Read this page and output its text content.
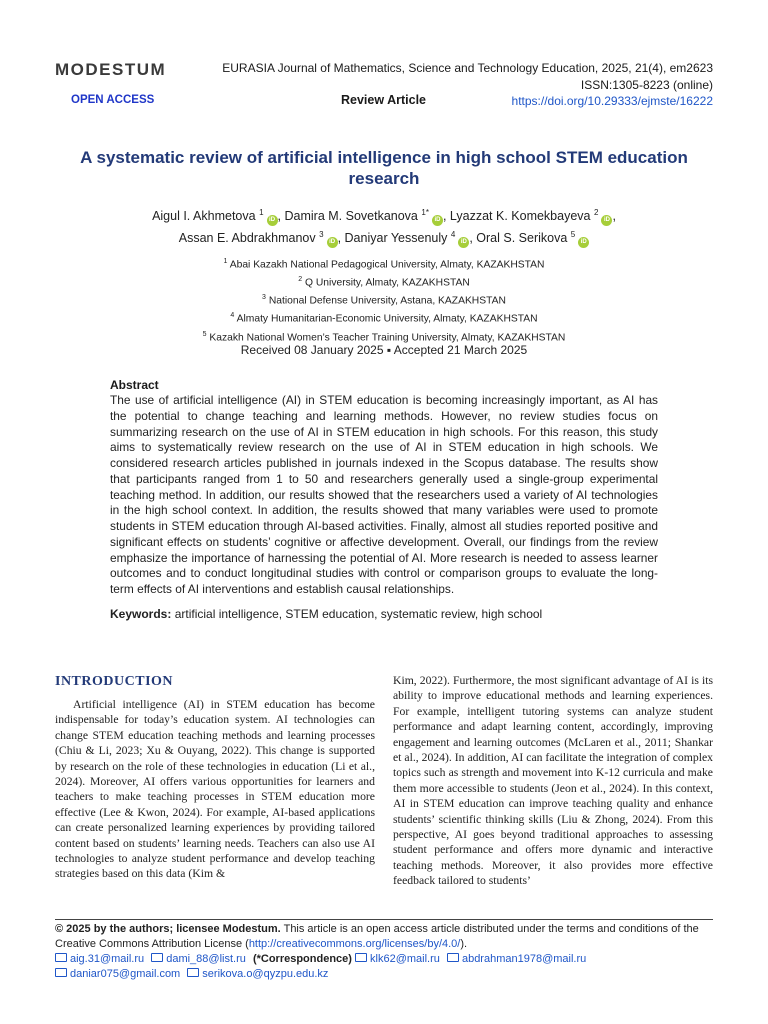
MODESTUM	EURASIA Journal of Mathematics, Science and Technology Education, 2025, 21(4), em2623
ISSN:1305-8223 (online)
OPEN ACCESS	Review Article	https://doi.org/10.29333/ejmste/16222
A systematic review of artificial intelligence in high school STEM education research
Aigul I. Akhmetova $^1$iD , Damira M. Sovetkanova $^{1*}$iD , Lyazzat K. Komekbayeva $^2$iD ,
Assan E. Abdrakhmanov $^3$iD , Daniyar Yessenuly $^4$iD , Oral S. Serikova $^5$iD
$^1$ Abai Kazakh National Pedagogical University, Almaty, KAZAKHSTAN
$^2$ Q University, Almaty, KAZAKHSTAN
$^3$ National Defense University, Astana, KAZAKHSTAN
$^4$ Almaty Humanitarian-Economic University, Almaty, KAZAKHSTAN
$^5$ Kazakh National Women’s Teacher Training University, Almaty, KAZAKHSTAN
Received 08 January 2025 ▪ Accepted 21 March 2025
Abstract

The use of artificial intelligence (AI) in STEM education is becoming increasingly important, as AI has the potential to change teaching and learning methods. However, no review studies focus on summarizing research on the use of AI in STEM education in high schools. For this reason, this study aims to systematically review research on the use of AI in STEM education in high schools. We considered research articles published in journals indexed in the Scopus database. The results show that participants ranged from 1 to 50 and researchers generally used a single-group experimental teaching method. In addition, our results showed that the researchers used a variety of AI technologies in the high school context. In addition, the results showed that many variables were used to promote students in STEM education through AI-based activities. Finally, almost all studies reported positive and significant effects on students’ cognitive or affective development. Overall, our findings from the review emphasize the importance of harnessing the potential of AI. More research is needed to assess learner outcomes and to conduct longitudinal studies with control or comparison groups to evaluate the long-term effects of AI interventions and establish causal relationships.

Keywords: artificial intelligence, STEM education, systematic review, high school
INTRODUCTION

Artificial intelligence (AI) in STEM education has become indispensable for today’s education system. AI technologies can change STEM education teaching methods and learning processes (Chiu & Li, 2023; Xu & Ouyang, 2022). This change is supported by research on the role of these technologies in education (Li et al., 2024). Moreover, AI offers various opportunities for learners and teachers to make teaching processes in STEM education more effective (Lee & Kwon, 2024). For example, AI-based applications can create personalized learning experiences by providing tailored content based on students’ learning needs. Teachers can also use AI technologies to analyze student performance and develop teaching strategies based on this data (Kim &

Kim, 2022). Furthermore, the most significant advantage of AI is its ability to improve educational methods and learning experiences. For example, intelligent tutoring systems can analyze student performance and adapt learning content, accordingly, improving engagement and learning outcomes (McLaren et al., 2011; Shankar et al., 2024). In addition, AI can facilitate the integration of complex topics such as strength and movement into K-12 curricula and make them more accessible to students (Jeon et al., 2024). In this context, AI in STEM education can improve teaching quality and enhance students’ scientific thinking skills (Liu & Zhong, 2024). From this perspective, AI goes beyond traditional approaches to assessing student performance and offers more dynamic and interactive teaching methods. Moreover, it also provides more effective feedback tailored to students’

© 2025 by the authors; licensee Modestum. This article is an open access article distributed under the terms and conditions of the Creative Commons Attribution License (http://creativecommons.org/licenses/by/4.0/).
aig.31@mail.ru dami_88@list.ru (*Correspondence) klk62@mail.ru abdrahman1978@mail.ru
daniar075@gmail.com serikova.o@qyzpu.edu.kz
